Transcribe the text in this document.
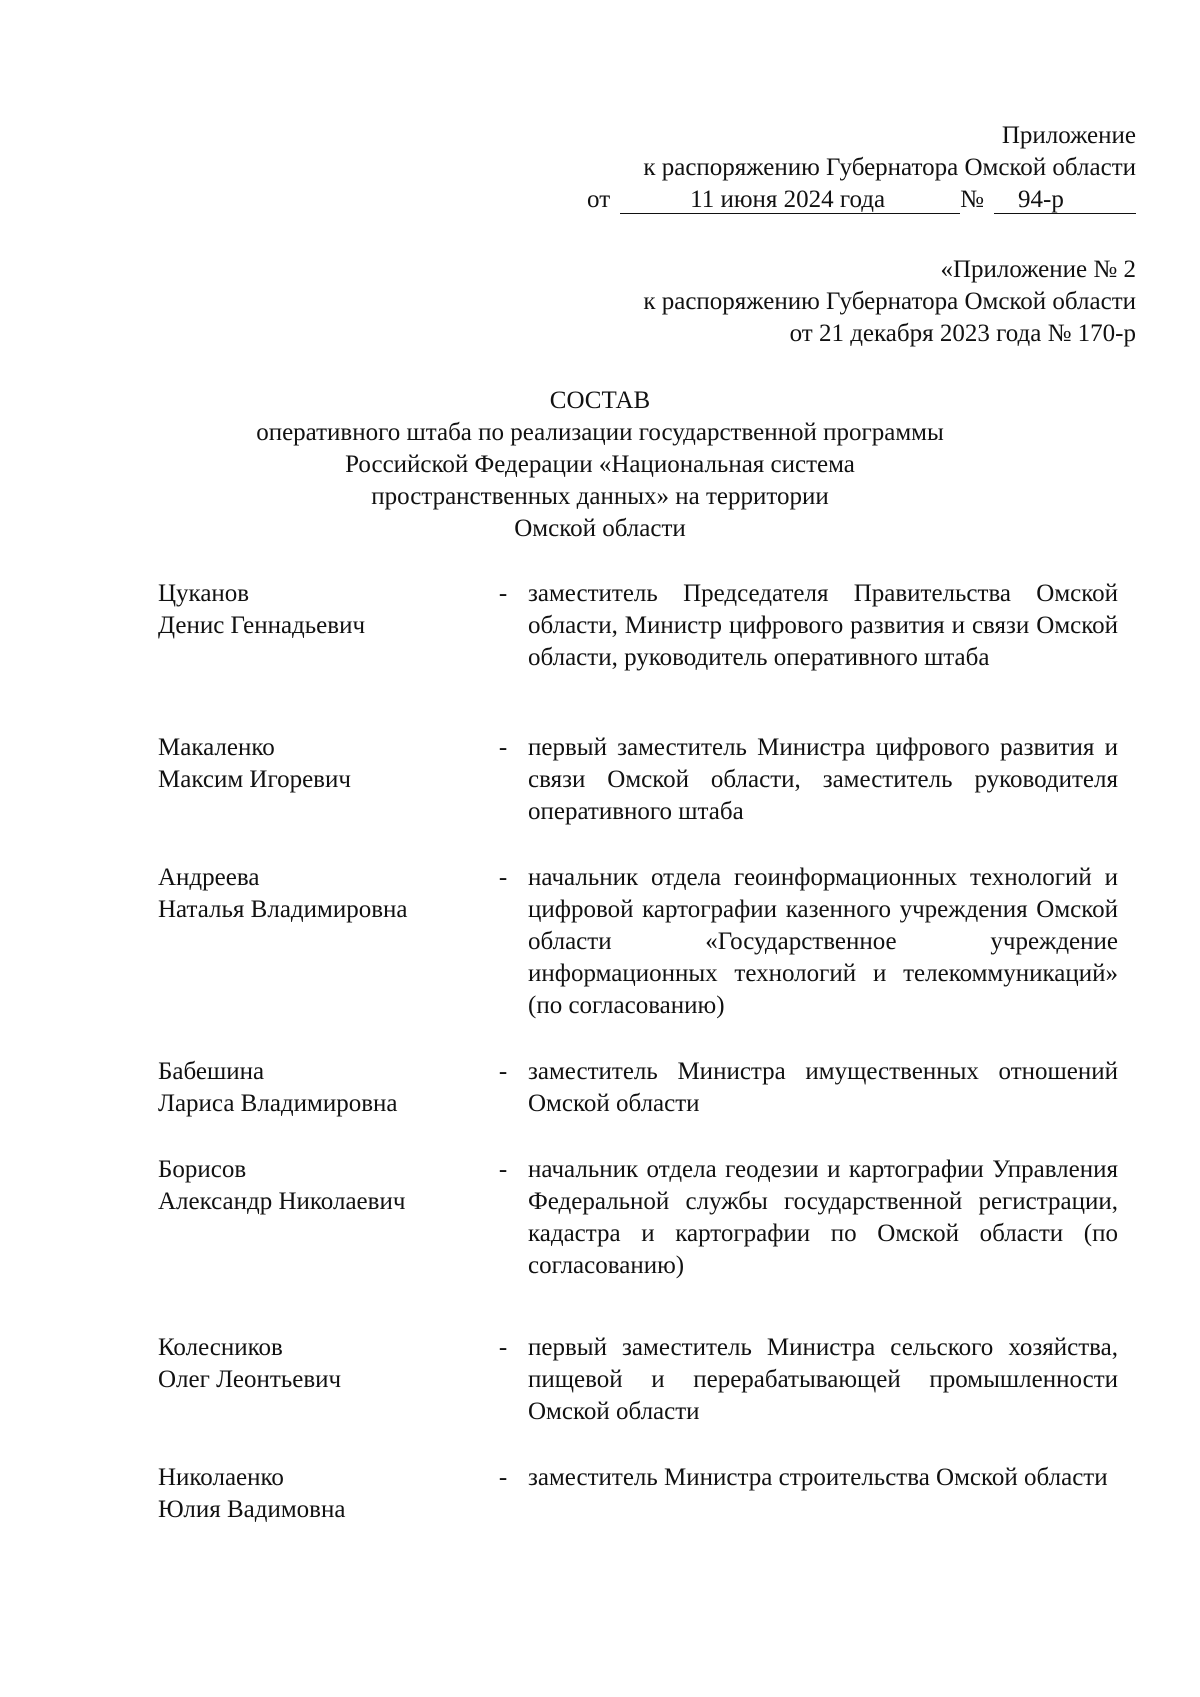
Приложение
к распоряжению Губернатора Омской области
от	11 июня 2024 года	№	94-р
«Приложение № 2
к распоряжению Губернатора Омской области
от 21 декабря 2023 года № 170-р
СОСТАВ
оперативного штаба по реализации государственной программы
Российской Федерации «Национальная система
пространственных данных» на территории
Омской области
Цуканов
Денис Геннадьевич
- заместитель Председателя Правительства Омской области, Министр цифрового развития и связи Омской области, руководитель оперативного штаба
Макаленко
Максим Игоревич
- первый заместитель Министра цифрового развития и связи Омской области, заместитель руководителя оперативного штаба
Андреева
Наталья Владимировна
- начальник отдела геоинформационных технологий и цифровой картографии казенного учреждения Омской области «Государственное учреждение информационных технологий и телекоммуникаций» (по согласованию)
Бабешина
Лариса Владимировна
- заместитель Министра имущественных отношений Омской области
Борисов
Александр Николаевич
- начальник отдела геодезии и картографии Управления Федеральной службы государственной регистрации, кадастра и картографии по Омской области (по согласованию)
Колесников
Олег Леонтьевич
- первый заместитель Министра сельского хозяйства, пищевой и перерабатывающей промышленности Омской области
Николаенко
Юлия Вадимовна
- заместитель Министра строительства Омской области
